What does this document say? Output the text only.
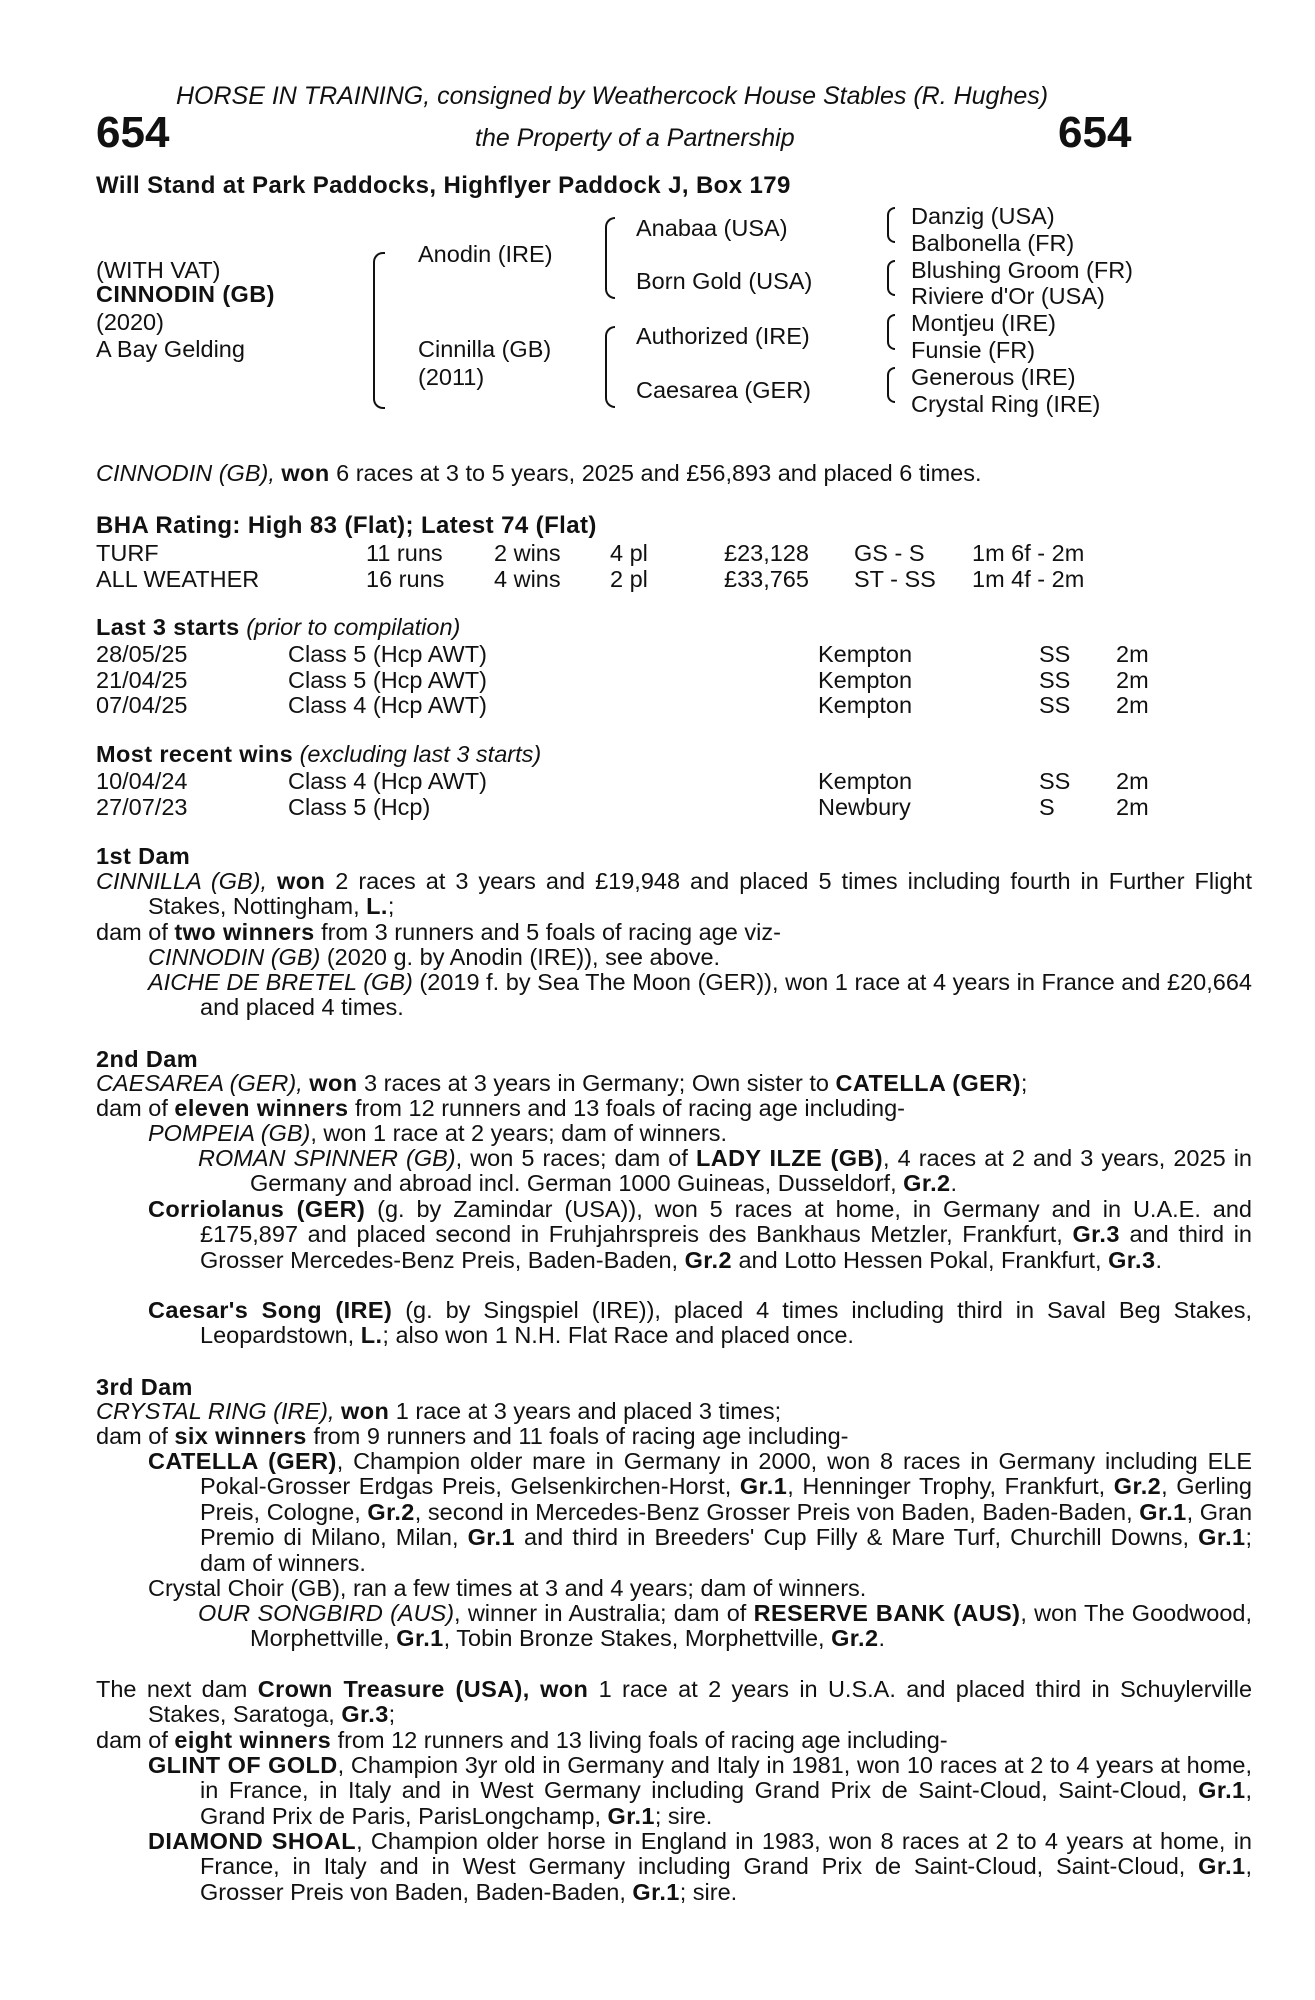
HORSE IN TRAINING, consigned by Weathercock House Stables (R. Hughes)
654	the Property of a Partnership	654
Will Stand at Park Paddocks, Highflyer Paddock J, Box 179
(WITH VAT)
CINNODIN (GB)
(2020)
A Bay Gelding
Anodin (IRE)
Cinnilla (GB)
(2011)
Anabaa (USA)
Born Gold (USA)
Authorized (IRE)
Caesarea (GER)
Danzig (USA)
Balbonella (FR)
Blushing Groom (FR)
Riviere d'Or (USA)
Montjeu (IRE)
Funsie (FR)
Generous (IRE)
Crystal Ring (IRE)

CINNODIN (GB), won 6 races at 3 to 5 years, 2025 and £56,893 and placed 6 times.

BHA Rating: High 83 (Flat); Latest 74 (Flat)
TURF	11 runs 2 wins 4 pl	£23,128 GS - S 1m 6f - 2m
ALL WEATHER	16 runs 4 wins 2 pl	£33,765 ST - SS 1m 4f - 2m
Last 3 starts (prior to compilation)
28/05/25	Class 5 (Hcp AWT)	Kempton	SS 2m
21/04/25	Class 5 (Hcp AWT)	Kempton	SS 2m
07/04/25	Class 4 (Hcp AWT)	Kempton	SS 2m
Most recent wins (excluding last 3 starts)
10/04/24	Class 4 (Hcp AWT)	Kempton	SS 2m
27/07/23	Class 5 (Hcp)	Newbury	S	2m
1st Dam

CINNILLA (GB), won 2 races at 3 years and £19,948 and placed 5 times including fourth in Further Flight Stakes, Nottingham, L.;

dam of two winners from 3 runners and 5 foals of racing age viz-

CINNODIN (GB) (2020 g. by Anodin (IRE)), see above.

AICHE DE BRETEL (GB) (2019 f. by Sea The Moon (GER)), won 1 race at 4 years in France and £20,664 and placed 4 times.

2nd Dam

CAESAREA (GER), won 3 races at 3 years in Germany; Own sister to CATELLA (GER);

dam of eleven winners from 12 runners and 13 foals of racing age including-

POMPEIA (GB), won 1 race at 2 years; dam of winners.

ROMAN SPINNER (GB), won 5 races; dam of LADY ILZE (GB), 4 races at 2 and 3 years, 2025 in Germany and abroad incl. German 1000 Guineas, Dusseldorf, Gr.2.

Corriolanus (GER) (g. by Zamindar (USA)), won 5 races at home, in Germany and in U.A.E. and £175,897 and placed second in Fruhjahrspreis des Bankhaus Metzler, Frankfurt, Gr.3 and third in Grosser Mercedes-Benz Preis, Baden-Baden, Gr.2 and Lotto Hessen Pokal, Frankfurt, Gr.3.

Caesar's Song (IRE) (g. by Singspiel (IRE)), placed 4 times including third in Saval Beg Stakes, Leopardstown, L.; also won 1 N.H. Flat Race and placed once.

3rd Dam

CRYSTAL RING (IRE), won 1 race at 3 years and placed 3 times;

dam of six winners from 9 runners and 11 foals of racing age including-

CATELLA (GER), Champion older mare in Germany in 2000, won 8 races in Germany including ELE Pokal-Grosser Erdgas Preis, Gelsenkirchen-Horst, Gr.1, Henninger Trophy, Frankfurt, Gr.2, Gerling Preis, Cologne, Gr.2, second in Mercedes-Benz Grosser Preis von Baden, Baden-Baden, Gr.1, Gran Premio di Milano, Milan, Gr.1 and third in Breeders' Cup Filly & Mare Turf, Churchill Downs, Gr.1; dam of winners.

Crystal Choir (GB), ran a few times at 3 and 4 years; dam of winners.

OUR SONGBIRD (AUS), winner in Australia; dam of RESERVE BANK (AUS), won The Goodwood, Morphettville, Gr.1, Tobin Bronze Stakes, Morphettville, Gr.2.

The next dam Crown Treasure (USA), won 1 race at 2 years in U.S.A. and placed third in Schuylerville Stakes, Saratoga, Gr.3;

dam of eight winners from 12 runners and 13 living foals of racing age including-

GLINT OF GOLD, Champion 3yr old in Germany and Italy in 1981, won 10 races at 2 to 4 years at home, in France, in Italy and in West Germany including Grand Prix de Saint-Cloud, Saint-Cloud, Gr.1, Grand Prix de Paris, ParisLongchamp, Gr.1; sire.

DIAMOND SHOAL, Champion older horse in England in 1983, won 8 races at 2 to 4 years at home, in France, in Italy and in West Germany including Grand Prix de Saint-Cloud, Saint-Cloud, Gr.1, Grosser Preis von Baden, Baden-Baden, Gr.1; sire.
